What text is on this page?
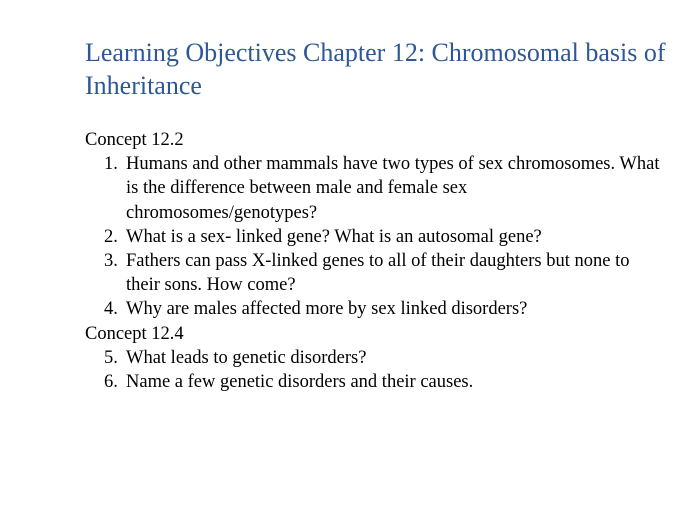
Learning Objectives Chapter 12: Chromosomal basis of Inheritance

Concept 12.2

1. Humans and other mammals have two types of sex chromosomes. What is the difference between male and female sex chromosomes/genotypes?
2. What is a sex- linked gene? What is an autosomal gene?
3. Fathers can pass X-linked genes to all of their daughters but none to their sons. How come?
4. Why are males affected more by sex linked disorders?

Concept 12.4

5. What leads to genetic disorders?
6. Name a few genetic disorders and their causes.
